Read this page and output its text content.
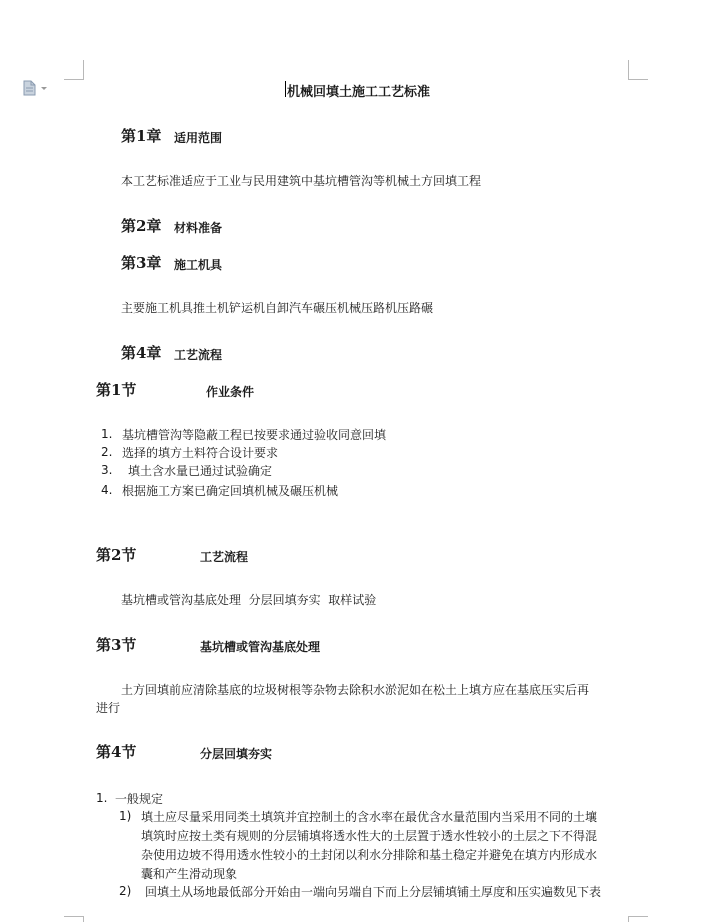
机械回填土施工工艺标准
第1章 适用范围
本工艺标准适应于工业与民用建筑中基坑槽管沟等机械土方回填工程
第2章 材料准备
第3章 施工机具
主要施工机具推土机铲运机自卸汽车碾压机械压路机压路碾
第4章 工艺流程
第1节	作业条件
1. 基坑槽管沟等隐蔽工程已按要求通过验收同意回填
2. 选择的填方土料符合设计要求
3. 填土含水量已通过试验确定
4. 根据施工方案已确定回填机械及碾压机械
第2节	工艺流程
基坑槽或管沟基底处理  分层回填夯实  取样试验
第3节	基坑槽或管沟基底处理
土方回填前应清除基底的垃圾树根等杂物去除积水淤泥如在松土上填方应在基底压实后再
进行
第4节	分层回填夯实
1. 一般规定
1) 填土应尽量采用同类土填筑并宜控制土的含水率在最优含水量范围内当采用不同的土壤
填筑时应按土类有规则的分层铺填将透水性大的土层置于透水性较小的土层之下不得混
杂使用边坡不得用透水性较小的土封闭以利水分排除和基土稳定并避免在填方内形成水
囊和产生滑动现象
2) 回填土从场地最低部分开始由一端向另端自下而上分层铺填铺土厚度和压实遍数见下表
